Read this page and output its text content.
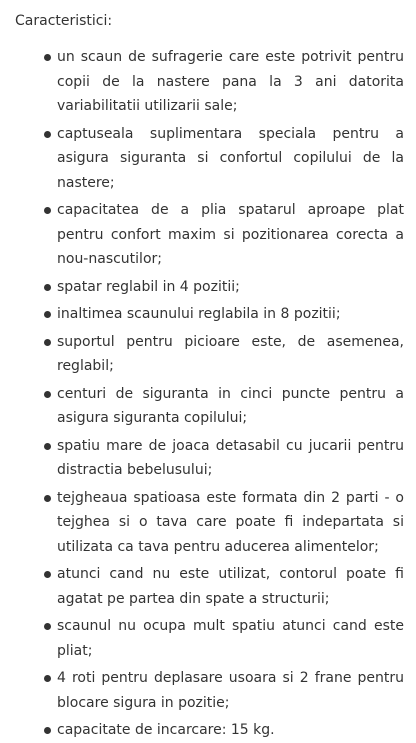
Caracteristici:
un scaun de sufragerie care este potrivit pentru copii de la nastere pana la 3 ani datorita variabilitatii utilizarii sale;
captuseala suplimentara speciala pentru a asigura siguranta si confortul copilului de la nastere;
capacitatea de a plia spatarul aproape plat pentru confort maxim si pozitionarea corecta a nou-nascutilor;
spatar reglabil in 4 pozitii;
inaltimea scaunului reglabila in 8 pozitii;
suportul pentru picioare este, de asemenea, reglabil;
centuri de siguranta in cinci puncte pentru a asigura siguranta copilului;
spatiu mare de joaca detasabil cu jucarii pentru distractia bebelusului;
tejgheaua spatioasa este formata din 2 parti - o tejghea si o tava care poate fi indepartata si utilizata ca tava pentru aducerea alimentelor;
atunci cand nu este utilizat, contorul poate fi agatat pe partea din spate a structurii;
scaunul nu ocupa mult spatiu atunci cand este pliat;
4 roti pentru deplasare usoara si 2 frane pentru blocare sigura in pozitie;
capacitate de incarcare: 15 kg.
